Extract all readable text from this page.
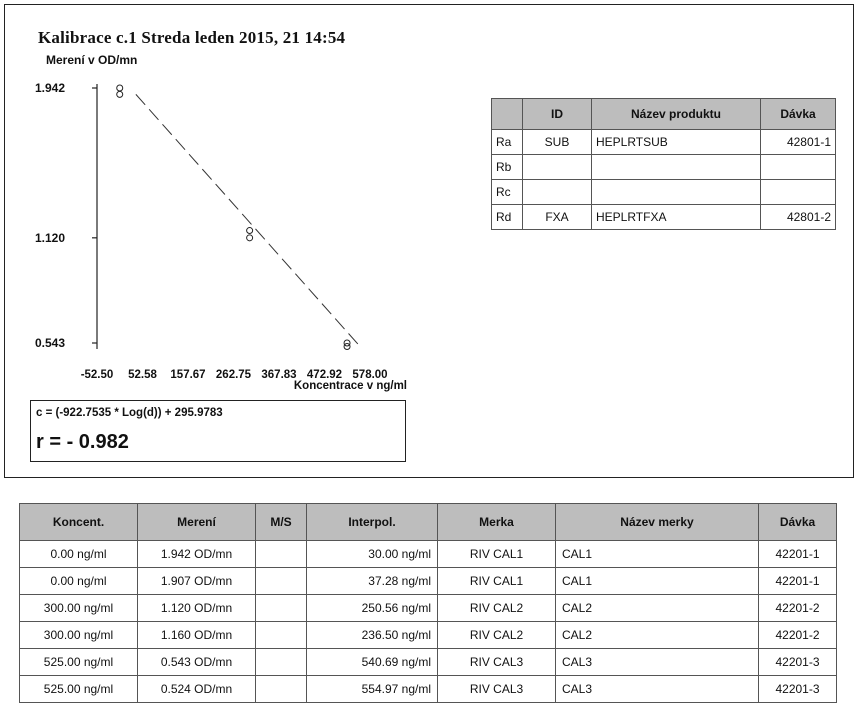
Kalibrace c.1 Streda leden 2015, 21 14:54
Merení v OD/mn
1.942
1.120
0.543
-52.50 52.58 157.67 262.75 367.83 472.92 578.00
Koncentrace v ng/ml
c = (-922.7535 * Log(d)) + 295.9783
r = - 0.982
	ID	Název produktu	Dávka
Ra	SUB	HEPLRTSUB	42801-1
Rb			
Rc			
Rd	FXA	HEPLRTFXA	42801-2
Koncent.	Merení	M/S	Interpol.	Merka	Název merky	Dávka
0.00 ng/ml	1.942 OD/mn		30.00 ng/ml	RIV CAL1	CAL1	42201-1
0.00 ng/ml	1.907 OD/mn		37.28 ng/ml	RIV CAL1	CAL1	42201-1
300.00 ng/ml	1.120 OD/mn		250.56 ng/ml	RIV CAL2	CAL2	42201-2
300.00 ng/ml	1.160 OD/mn		236.50 ng/ml	RIV CAL2	CAL2	42201-2
525.00 ng/ml	0.543 OD/mn		540.69 ng/ml	RIV CAL3	CAL3	42201-3
525.00 ng/ml	0.524 OD/mn		554.97 ng/ml	RIV CAL3	CAL3	42201-3
